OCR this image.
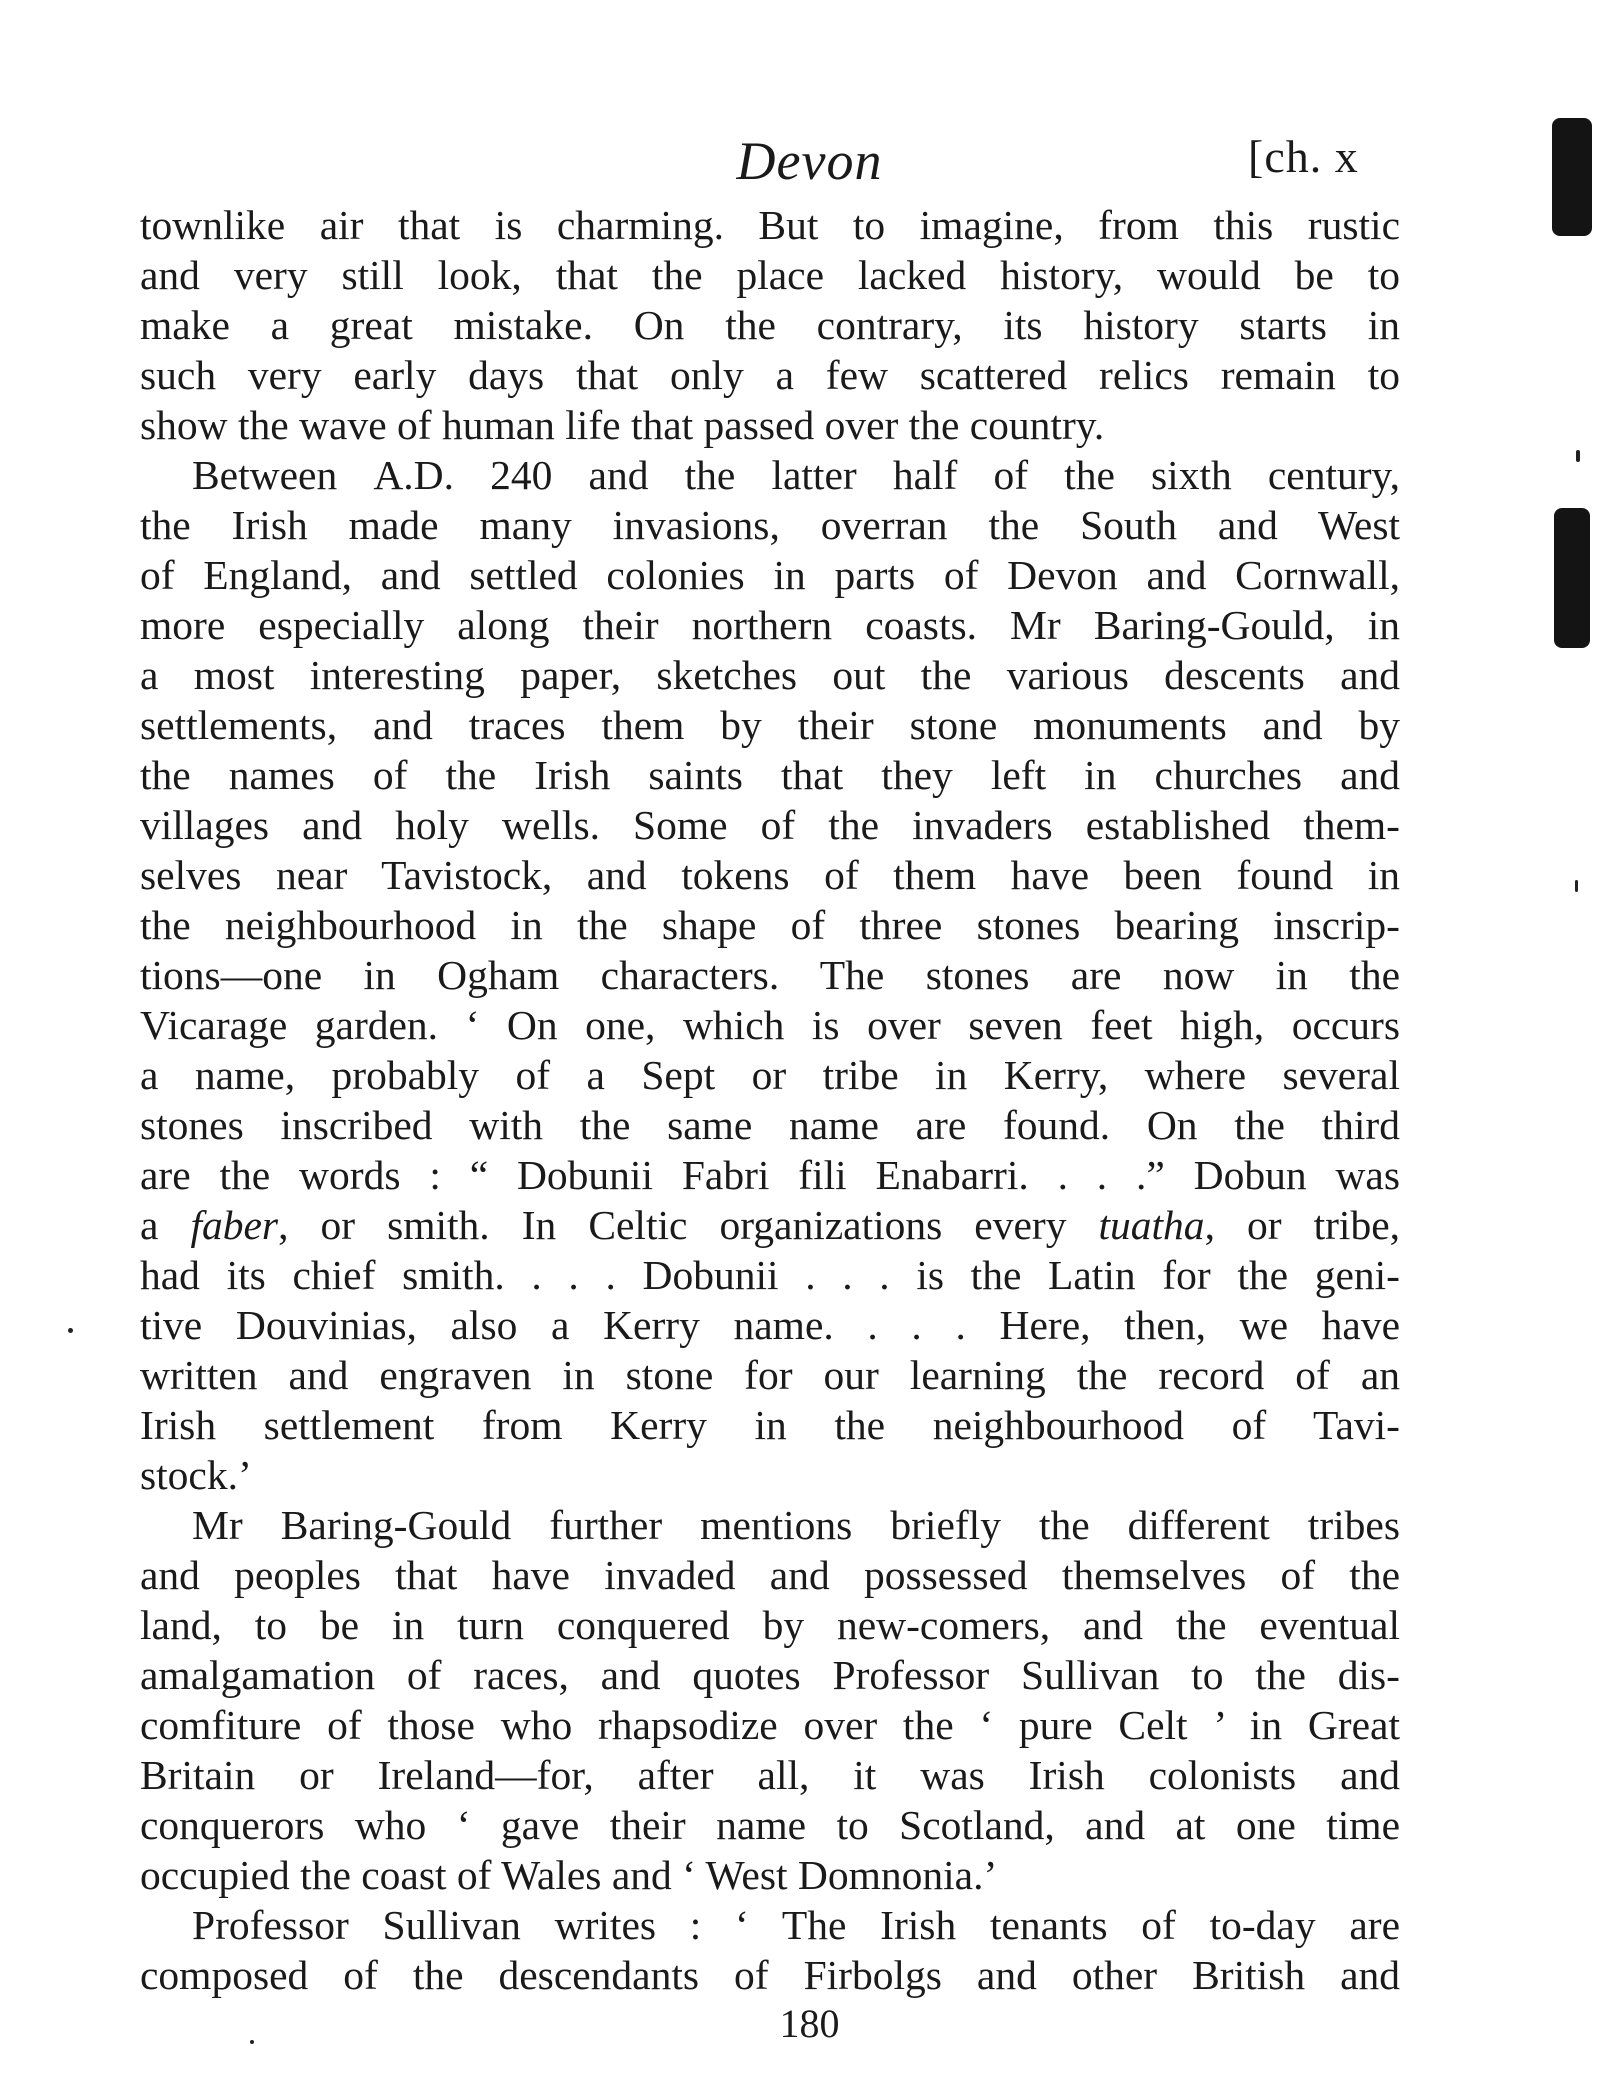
Devon	[ch. x
townlike air that is charming. But to imagine, from this rustic
and very still look, that the place lacked history, would be to
make a great mistake. On the contrary, its history starts in
such very early days that only a few scattered relics remain to
show the wave of human life that passed over the country.
Between A.D. 240 and the latter half of the sixth century,
the Irish made many invasions, overran the South and West
of England, and settled colonies in parts of Devon and Cornwall,
more especially along their northern coasts. Mr Baring-Gould, in
a most interesting paper, sketches out the various descents and
settlements, and traces them by their stone monuments and by
the names of the Irish saints that they left in churches and
villages and holy wells. Some of the invaders established them-
selves near Tavistock, and tokens of them have been found in
the neighbourhood in the shape of three stones bearing inscrip-
tions—one in Ogham characters. The stones are now in the
Vicarage garden. ‘ On one, which is over seven feet high, occurs
a name, probably of a Sept or tribe in Kerry, where several
stones inscribed with the same name are found. On the third
are the words : “ Dobunii Fabri fili Enabarri. . . .” Dobun was
a faber, or smith. In Celtic organizations every tuatha, or tribe,
had its chief smith. . . . Dobunii . . . is the Latin for the geni-
tive Douvinias, also a Kerry name. . . . Here, then, we have
written and engraven in stone for our learning the record of an
Irish settlement from Kerry in the neighbourhood of Tavi-
stock.’
Mr Baring-Gould further mentions briefly the different tribes
and peoples that have invaded and possessed themselves of the
land, to be in turn conquered by new-comers, and the eventual
amalgamation of races, and quotes Professor Sullivan to the dis-
comfiture of those who rhapsodize over the ‘ pure Celt ’ in Great
Britain or Ireland—for, after all, it was Irish colonists and
conquerors who ‘ gave their name to Scotland, and at one time
occupied the coast of Wales and ‘ West Domnonia.’
Professor Sullivan writes : ‘ The Irish tenants of to-day are
composed of the descendants of Firbolgs and other British and
180
